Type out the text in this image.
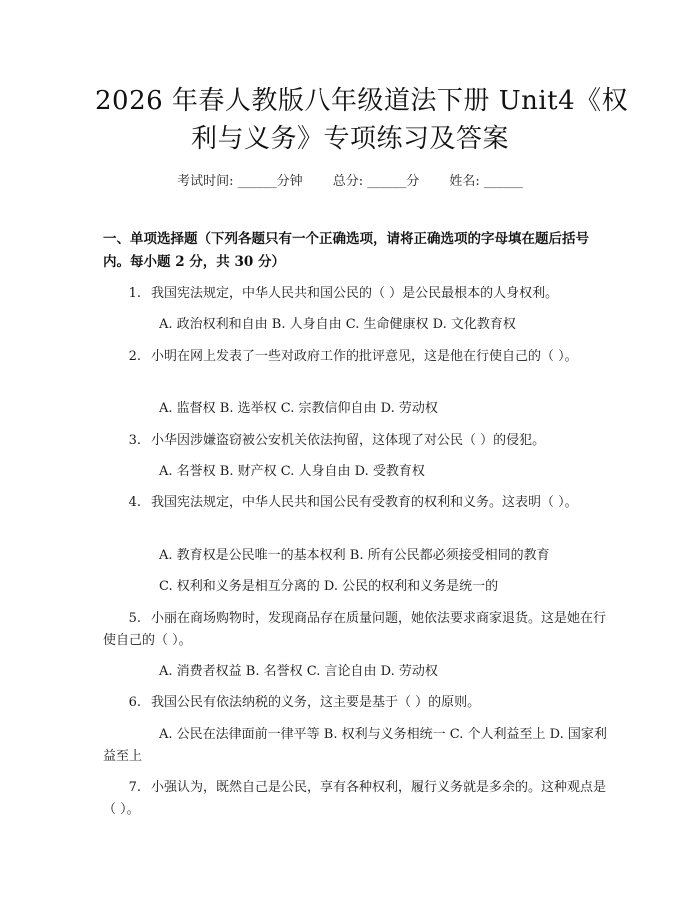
2026 年春人教版八年级道法下册 Unit4《权
利与义务》专项练习及答案
考试时间: ______分钟 总分: ______分 姓名: ______
一、单项选择题（下列各题只有一个正确选项，请将正确选项的字母填在题后括号内。每小题 2 分，共 30 分）
1. 我国宪法规定，中华人民共和国公民的（ ）是公民最根本的人身权利。
A. 政治权利和自由 B. 人身自由 C. 生命健康权 D. 文化教育权
2. 小明在网上发表了一些对政府工作的批评意见，这是他在行使自己的（ ）。
A. 监督权 B. 选举权 C. 宗教信仰自由 D. 劳动权
3. 小华因涉嫌盗窃被公安机关依法拘留，这体现了对公民（ ）的侵犯。
A. 名誉权 B. 财产权 C. 人身自由 D. 受教育权
4. 我国宪法规定，中华人民共和国公民有受教育的权利和义务。这表明（ ）。
A. 教育权是公民唯一的基本权利 B. 所有公民都必须接受相同的教育
C. 权利和义务是相互分离的 D. 公民的权利和义务是统一的
5. 小丽在商场购物时，发现商品存在质量问题，她依法要求商家退货。这是她在行使自己的（ ）。
A. 消费者权益 B. 名誉权 C. 言论自由 D. 劳动权
6. 我国公民有依法纳税的义务，这主要是基于（ ）的原则。
A. 公民在法律面前一律平等 B. 权利与义务相统一 C. 个人利益至上 D. 国家利益至上
7. 小强认为，既然自己是公民，享有各种权利，履行义务就是多余的。这种观点是（ ）。
